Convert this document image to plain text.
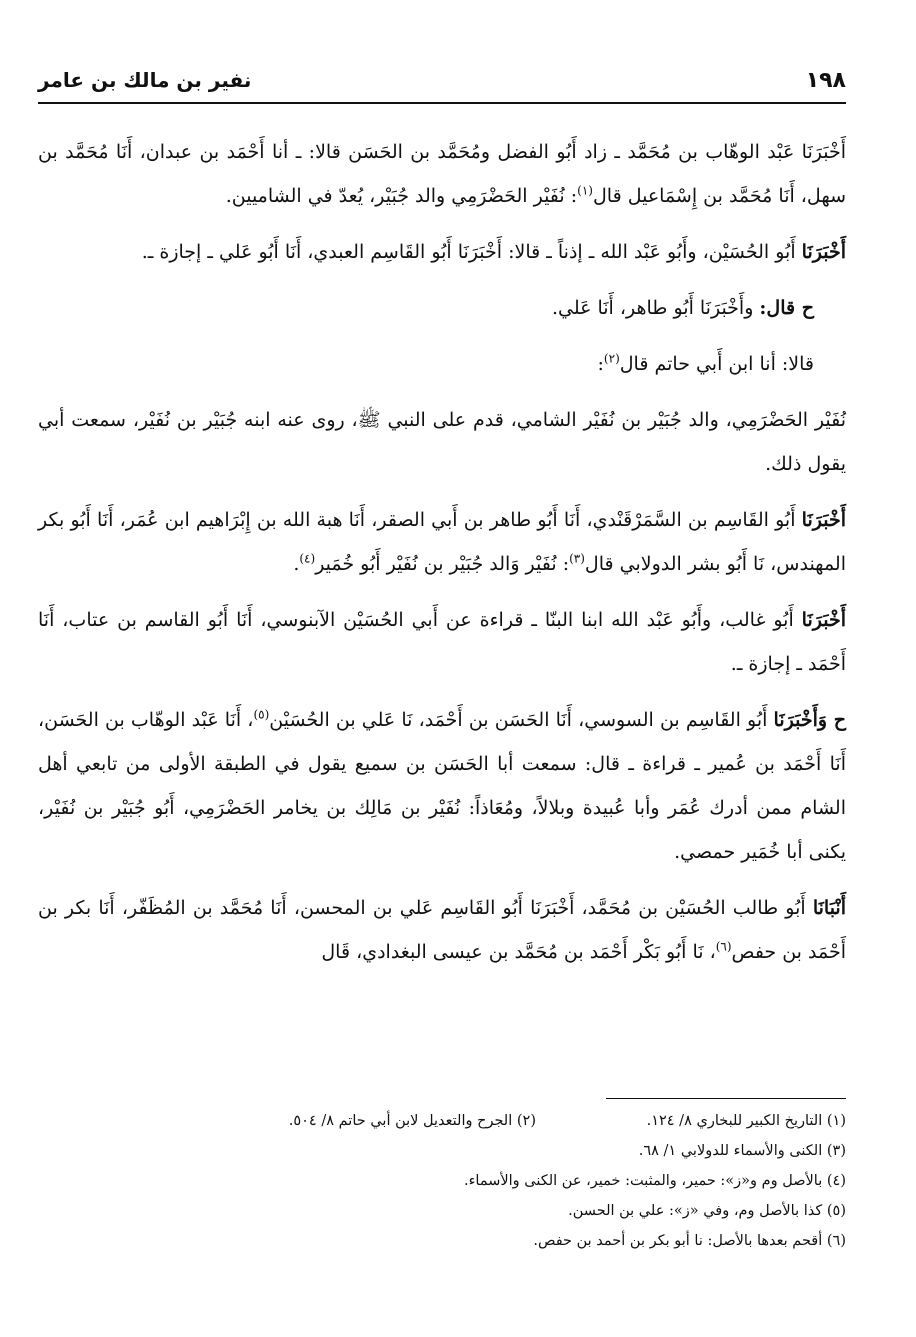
١٩٨
نفير بن مالك بن عامر

أَخْبَرَنَا عَبْد الوهّاب بن مُحَمَّد ـ زاد أَبُو الفضل ومُحَمَّد بن الحَسَن قالا: ـ أنا أَحْمَد بن عبدان، أَنَا مُحَمَّد بن سهل، أَنَا مُحَمَّد بن إِسْمَاعيل قال$^{(١)}$: نُفَيْر الحَضْرَمِي والد جُبَيْر، يُعدّ في الشاميين.

أَخْبَرَنَا أَبُو الحُسَيْن، وأَبُو عَبْد الله ـ إذناً ـ قالا: أَخْبَرَنَا أَبُو القَاسِم العبدي، أَنَا أَبُو عَلي ـ إجازة ـ.

ح قال: وأَخْبَرَنَا أَبُو طاهر، أَنَا عَلي.

قالا: أنا ابن أَبي حاتم قال$^{(٢)}$:

نُفَيْر الحَضْرَمِي، والد جُبَيْر بن نُفَيْر الشامي، قدم على النبي ﷺ، روى عنه ابنه جُبَيْر بن نُفَيْر، سمعت أبي يقول ذلك.

أَخْبَرَنَا أَبُو القَاسِم بن السَّمَرْقَنْدي، أَنَا أَبُو طاهر بن أَبي الصقر، أَنَا هبة الله بن إِبْرَاهيم ابن عُمَر، أَنَا أَبُو بكر المهندس، نَا أَبُو بشر الدولابي قال$^{(٣)}$: نُفَيْر وَالد جُبَيْر بن نُفَيْر أَبُو خُمَير$^{(٤)}$.

أَخْبَرَنَا أَبُو غالب، وأَبُو عَبْد الله ابنا البنّا ـ قراءة عن أَبي الحُسَيْن الآبنوسي، أَنَا أَبُو القاسم بن عتاب، أَنَا أَحْمَد ـ إجازة ـ.

ح وَأَخْبَرَنَا أَبُو القَاسِم بن السوسي، أَنَا الحَسَن بن أَحْمَد، نَا عَلي بن الحُسَيْن$^{(٥)}$، أَنَا عَبْد الوهّاب بن الحَسَن، أَنَا أَحْمَد بن عُمير ـ قراءة ـ قال: سمعت أبا الحَسَن بن سميع يقول في الطبقة الأولى من تابعي أهل الشام ممن أدرك عُمَر وأبا عُبيدة وبلالاً، ومُعَاذاً: نُفَيْر بن مَالِك بن يخامر الحَضْرَمِي، أَبُو جُبَيْر بن نُفَيْر، يكنى أبا خُمَير حمصي.

أَنْبَانَا أَبُو طالب الحُسَيْن بن مُحَمَّد، أَخْبَرَنَا أَبُو القَاسِم عَلي بن المحسن، أَنَا مُحَمَّد بن المُظَفّر، أَنَا بكر بن أَحْمَد بن حفص$^{(٦)}$، نَا أَبُو بَكْر أَحْمَد بن مُحَمَّد بن عيسى البغدادي، قَال

(١) التاريخ الكبير للبخاري ٨/ ١٢٤.
(٢) الجرح والتعديل لابن أبي حاتم ٨/ ٥٠٤.
(٣) الكنى والأسماء للدولابي ١/ ٦٨.
(٤) بالأصل وم و«ز»: حمير، والمثبت: خمير، عن الكنى والأسماء.
(٥) كذا بالأصل وم، وفي «ز»: علي بن الحسن.
(٦) أقحم بعدها بالأصل: نا أبو بكر بن أحمد بن حفص.
